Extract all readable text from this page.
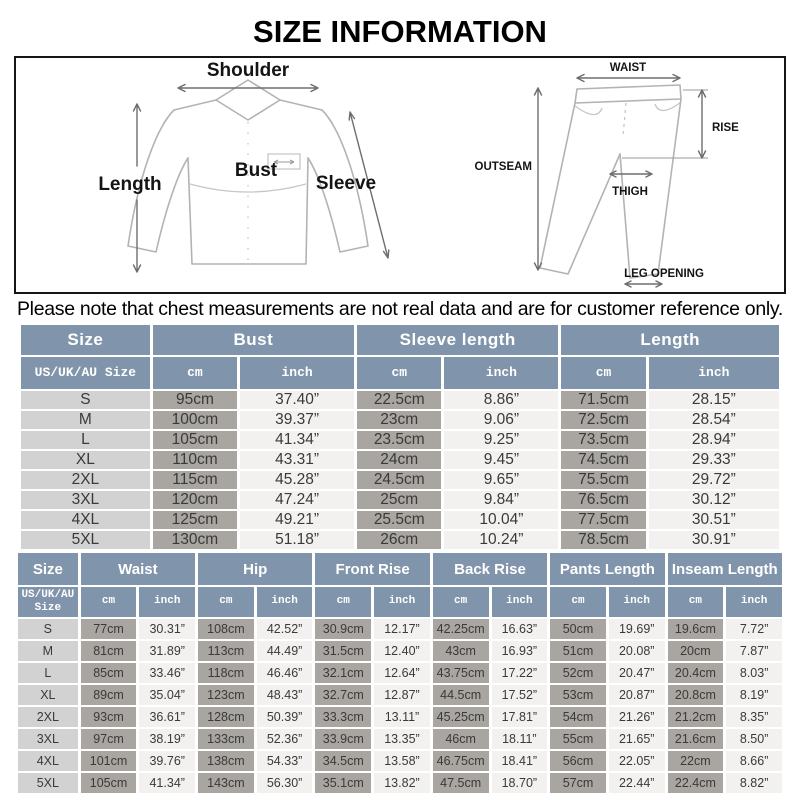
SIZE INFORMATION
Shoulder
Length
Bust
Sleeve
WAIST
OUTSEAM
RISE
THIGH
LEG OPENING

Please note that chest measurements are not real data and are for customer reference only.

Size	Bust		Sleeve length		Length	
US/UK/AU Size	cm	inch	cm	inch	cm	inch
S	95cm	37.40”	22.5cm	8.86”	71.5cm	28.15”
M	100cm	39.37”	23cm	9.06”	72.5cm	28.54”
L	105cm	41.34”	23.5cm	9.25”	73.5cm	28.94”
XL	110cm	43.31”	24cm	9.45”	74.5cm	29.33”
2XL	115cm	45.28”	24.5cm	9.65”	75.5cm	29.72”
3XL	120cm	47.24”	25cm	9.84”	76.5cm	30.12”
4XL	125cm	49.21”	25.5cm	10.04”	77.5cm	30.51”
5XL	130cm	51.18”	26cm	10.24”	78.5cm	30.91”
Size	Waist		Hip		Front Rise		Back Rise		Pants Length		Inseam Length	
US/UK/AU Size	cm	inch	cm	inch	cm	inch	cm	inch	cm	inch	cm	inch
S	77cm	30.31”	108cm	42.52”	30.9cm	12.17”	42.25cm	16.63”	50cm	19.69”	19.6cm	7.72”
M	81cm	31.89”	113cm	44.49”	31.5cm	12.40”	43cm	16.93”	51cm	20.08”	20cm	7.87”
L	85cm	33.46”	118cm	46.46”	32.1cm	12.64”	43.75cm	17.22”	52cm	20.47”	20.4cm	8.03”
XL	89cm	35.04”	123cm	48.43”	32.7cm	12.87”	44.5cm	17.52”	53cm	20.87”	20.8cm	8.19”
2XL	93cm	36.61”	128cm	50.39”	33.3cm	13.11”	45.25cm	17.81”	54cm	21.26”	21.2cm	8.35”
3XL	97cm	38.19”	133cm	52.36”	33.9cm	13.35”	46cm	18.11”	55cm	21.65”	21.6cm	8.50”
4XL	101cm	39.76”	138cm	54.33”	34.5cm	13.58”	46.75cm	18.41”	56cm	22.05”	22cm	8.66”
5XL	105cm	41.34”	143cm	56.30”	35.1cm	13.82”	47.5cm	18.70”	57cm	22.44”	22.4cm	8.82”
